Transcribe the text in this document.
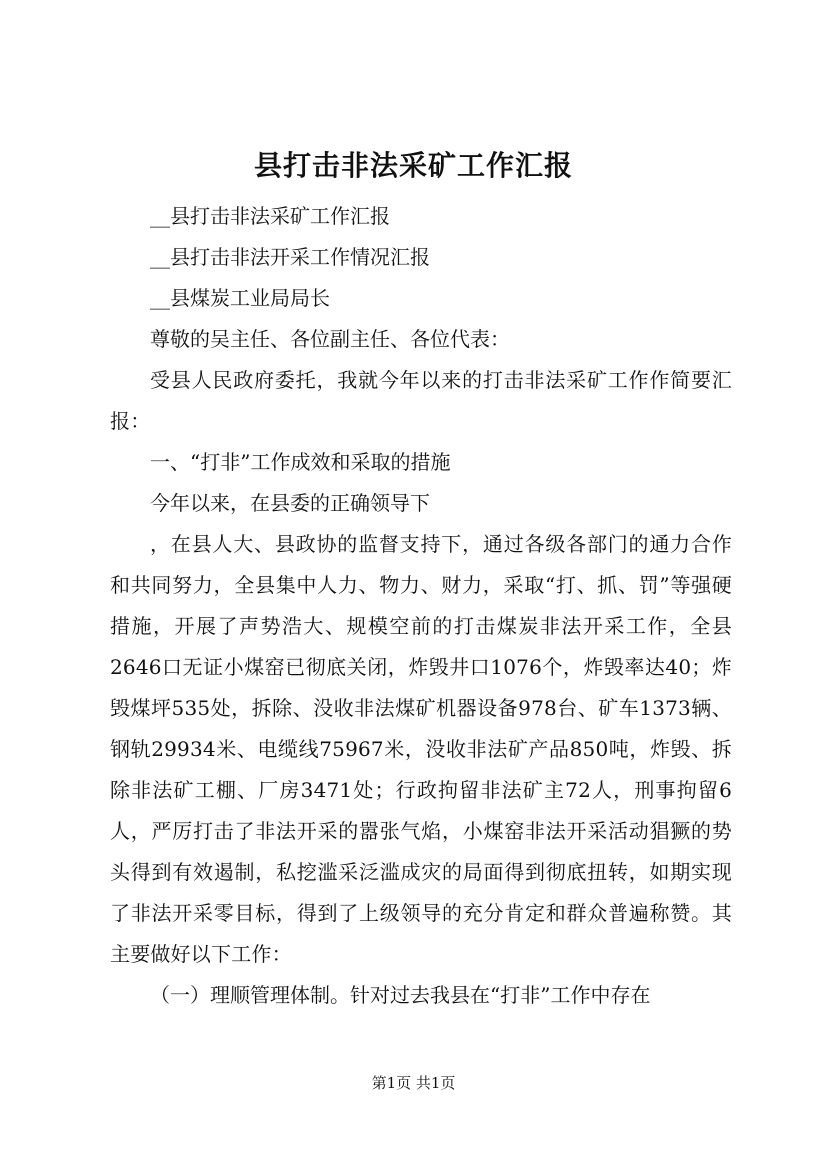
县打击非法采矿工作汇报

__县打击非法采矿工作汇报

__县打击非法开采工作情况汇报

__县煤炭工业局局长

尊敬的吴主任、各位副主任、各位代表：

受县人民政府委托，我就今年以来的打击非法采矿工作作简要汇报：

一、“打非”工作成效和采取的措施

今年以来，在县委的正确领导下

，在县人大、县政协的监督支持下，通过各级各部门的通力合作和共同努力，全县集中人力、物力、财力，采取“打、抓、罚”等强硬措施，开展了声势浩大、规模空前的打击煤炭非法开采工作，全县2646口无证小煤窑已彻底关闭，炸毁井口1076个，炸毁率达40；炸毁煤坪535处，拆除、没收非法煤矿机器设备978台、矿车1373辆、钢轨29934米、电缆线75967米，没收非法矿产品850吨，炸毁、拆除非法矿工棚、厂房3471处；行政拘留非法矿主72人，刑事拘留6人，严厉打击了非法开采的嚣张气焰，小煤窑非法开采活动猖獗的势头得到有效遏制，私挖滥采泛滥成灾的局面得到彻底扭转，如期实现了非法开采零目标，得到了上级领导的充分肯定和群众普遍称赞。其主要做好以下工作：

（一）理顺管理体制。针对过去我县在“打非”工作中存在

第1页 共1页
